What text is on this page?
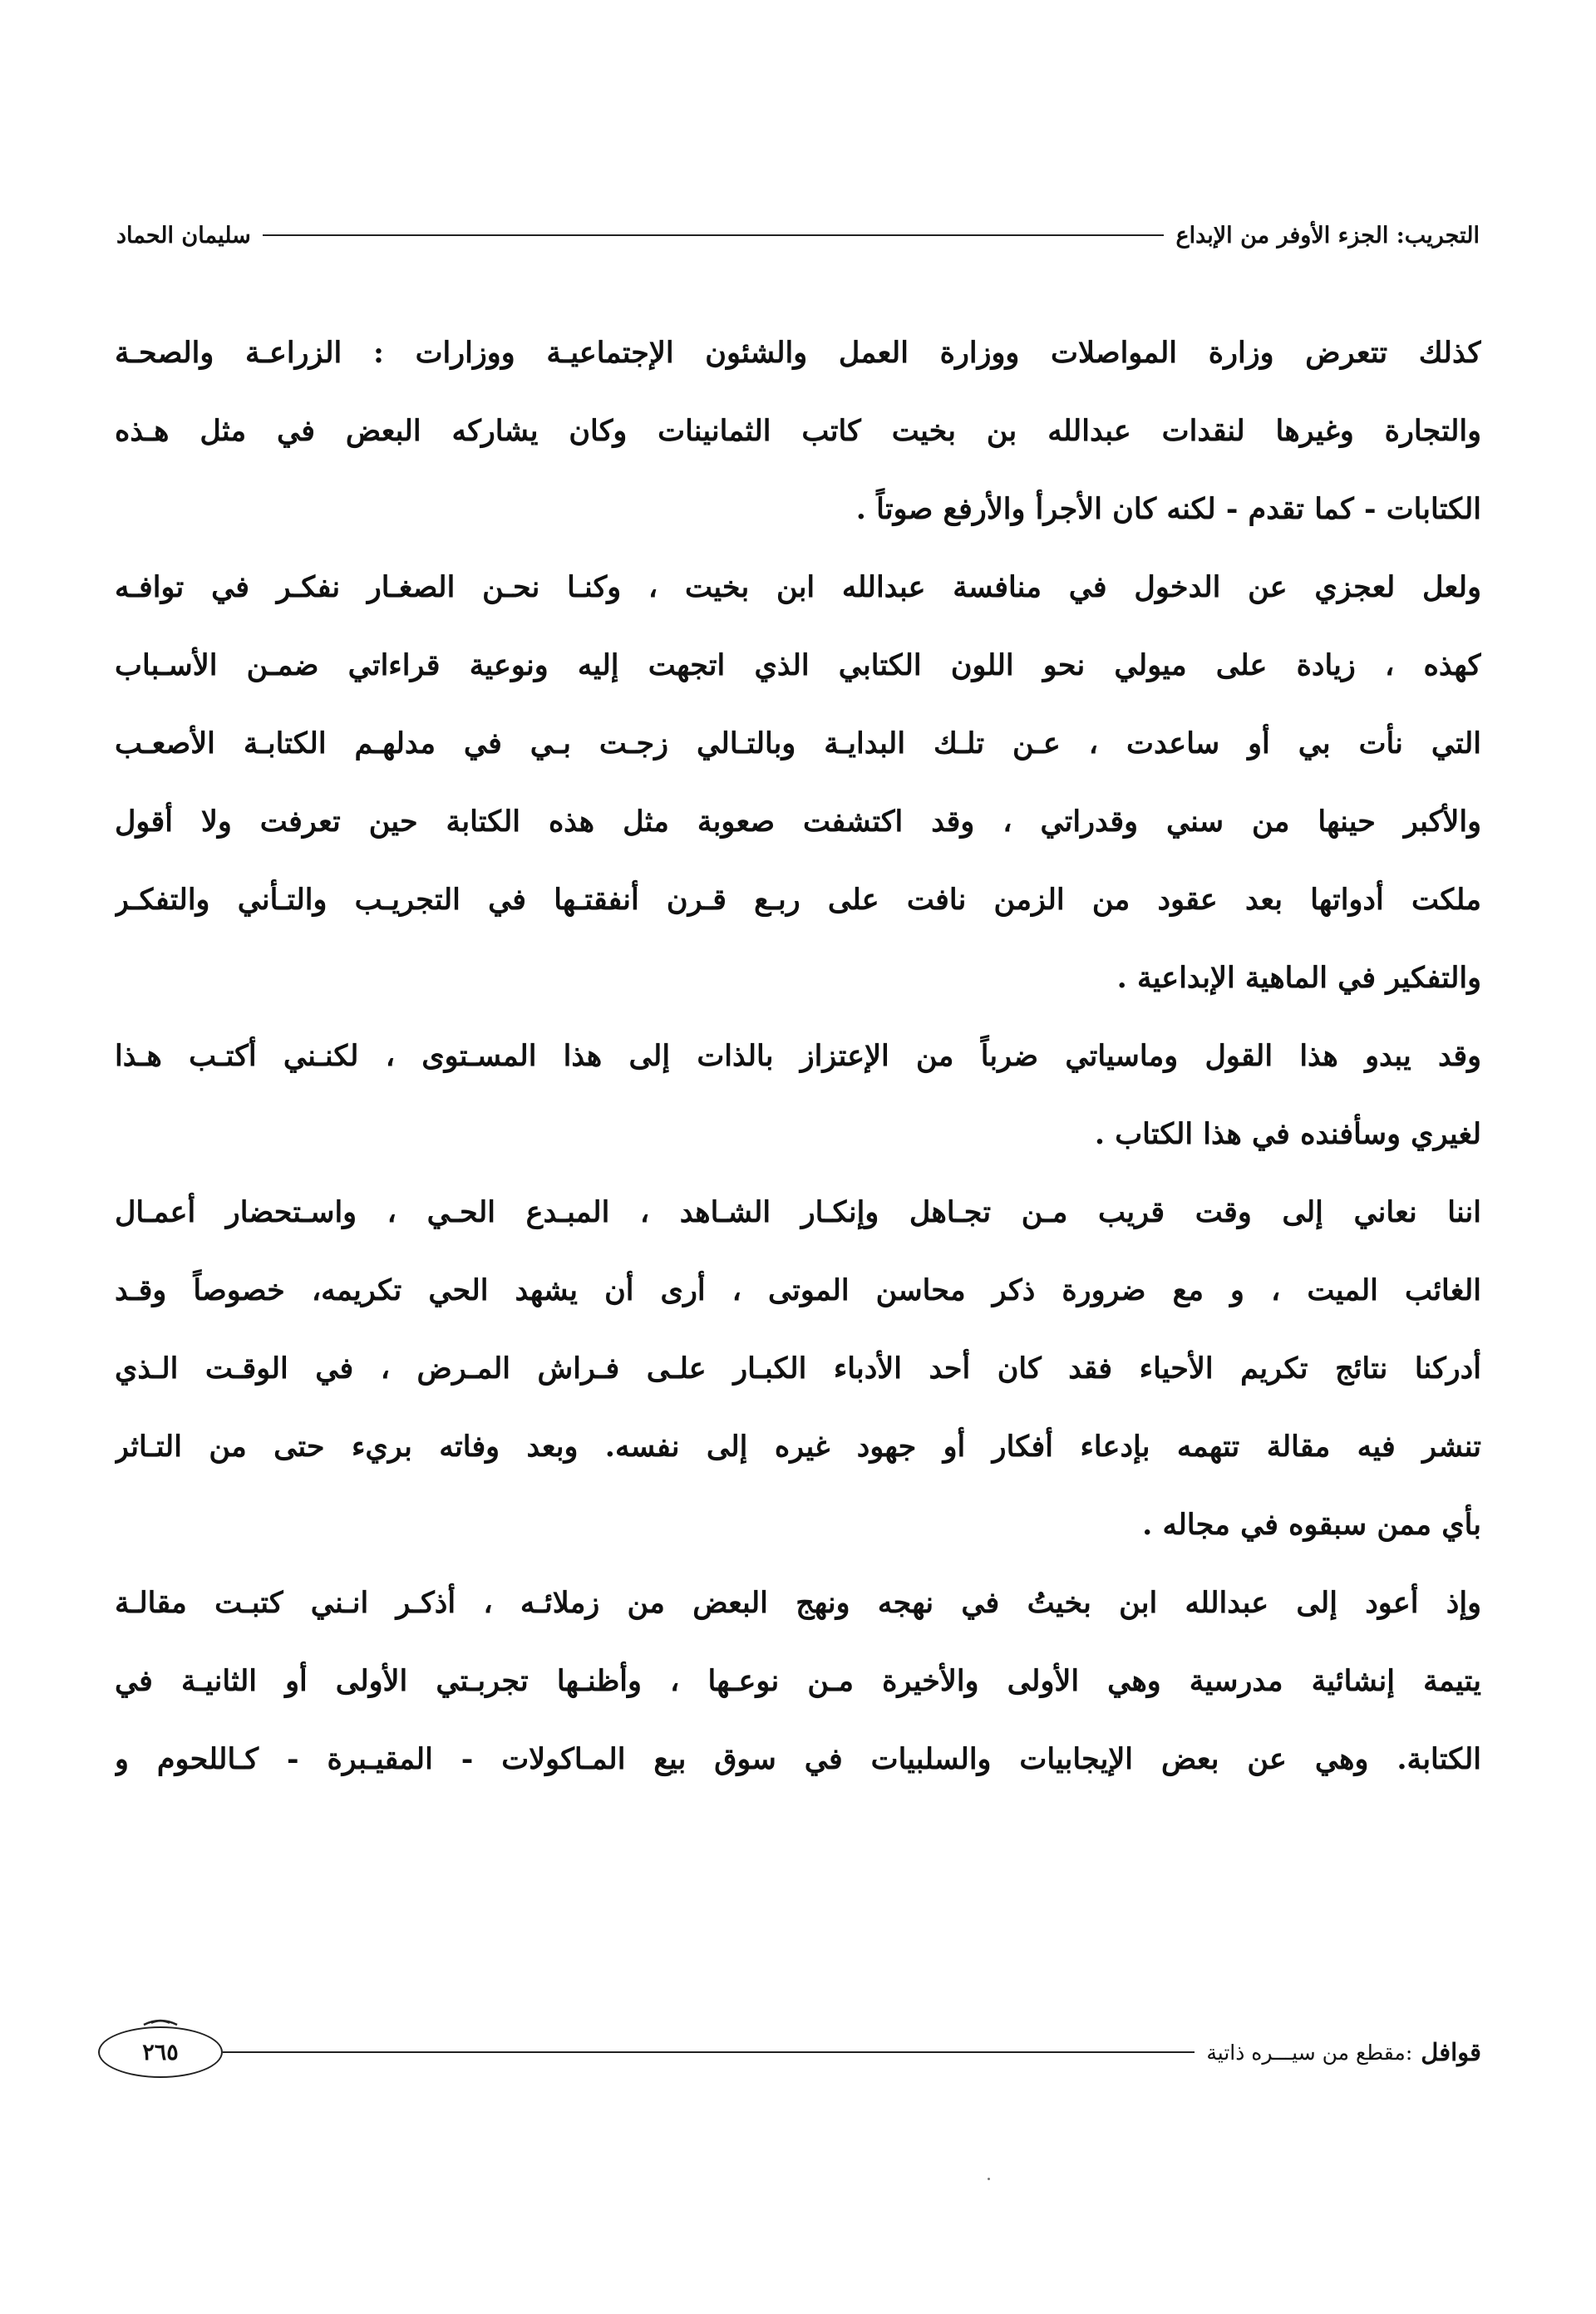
التجريب: الجزء الأوفر من الإبداع
سليمان الحماد

كذلك تتعرض وزارة المواصلات ووزارة العمل والشئون الإجتماعيـة ووزارات : الزراعـة والصحـة
والتجارة وغيرها لنقدات عبدالله بن بخيت كاتب الثمانينات وكان يشاركه البعض في مثل هـذه
الكتابات - كما تقدم - لكنه كان الأجرأ والأرفع صوتاً .

ولعل لعجزي عن الدخول في منافسة عبدالله ابن بخيت ، وكنـا نحـن الصغـار نفكـر في توافـه
كهذه ، زيادة على ميولي نحو اللون الكتابي الذي اتجهت إليه ونوعية قراءاتي ضمـن الأسـباب
التي نأت بي أو ساعدت ، عـن تلـك البدايـة وبالتـالي زجـت بـي في مدلهـم الكتابـة الأصعـب
والأكبر حينها من سني وقدراتي ، وقد اكتشفت صعوبة مثل هذه الكتابة حين تعرفت ولا أقول
ملكت أدواتها بعد عقود من الزمن نافت على ربـع قـرن أنفقتـها في التجريـب والتـأني والتفكـر
والتفكير في الماهية الإبداعية .

وقد يبدو هذا القول وماسياتي ضرباً من الإعتزاز بالذات إلى هذا المسـتوى ، لكنـني أكتـب هـذا
لغيري وسأفنده في هذا الكتاب .

اننا نعاني إلى وقت قريب مـن تجـاهل وإنكـار الشـاهد ، المبـدع الحـي ، واسـتحضار أعمـال
الغائب الميت ، و مع ضرورة ذكر محاسن الموتى ، أرى أن يشهد الحي تكريمه، خصوصاً وقـد
أدركنا نتائج تكريم الأحياء فقد كان أحد الأدباء الكبـار علـى فـراش المـرض ، في الوقـت الـذي
تنشر فيه مقالة تتهمه بإدعاء أفكار أو جهود غيره إلى نفسه. وبعد وفاته بريء حتى من التـاثر
بأي ممن سبقوه في مجاله .

وإذ أعود إلى عبدالله ابن بخيتُ في نهجه ونهج البعض من زملائـه ، أذكـر انـني كتبـت مقالـة
يتيمة إنشائية مدرسية وهي الأولى والأخيرة مـن نوعـها ، وأظنـها تجربـتي الأولى أو الثانيـة في
الكتابة. وهي عن بعض الإيجابيات والسلبيات في سوق بيع المـاكولات - المقيـبرة - كـاللحوم و

قوافل
:مقطع من سيـــره ذاتية
٢٦٥
